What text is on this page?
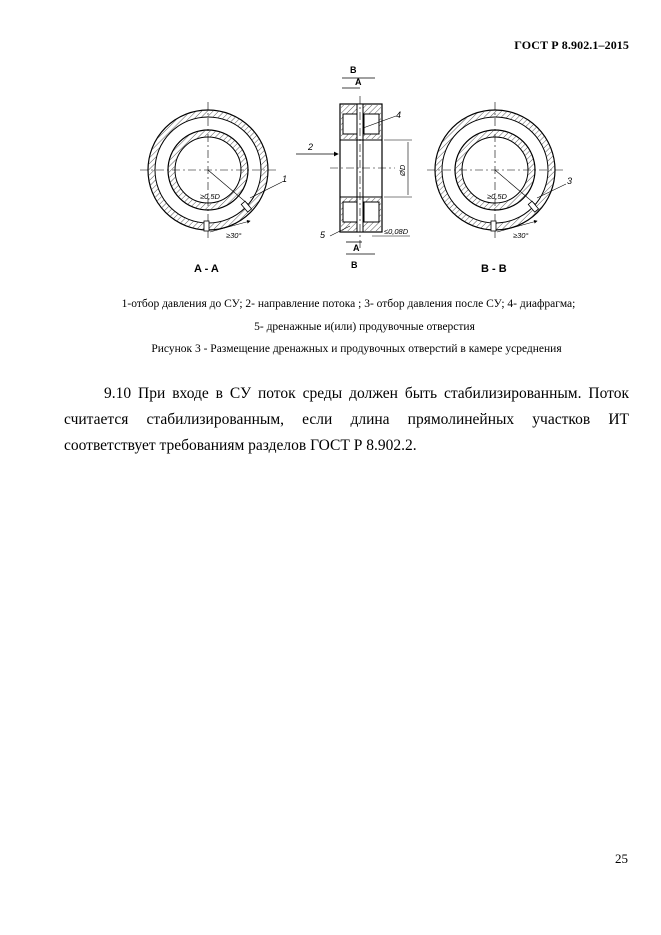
ГОСТ Р 8.902.1–2015
1
≥0,5D
≥30°
A - A
B
A
A
B
2
4
5
ØD
≤0,08D
3
≥0,5D
≥30°
B - B
1-отбор давления до СУ; 2- направление потока ; 3- отбор давления после СУ; 4- диафрагма;
5- дренажные и(или) продувочные отверстия
Рисунок 3 - Размещение дренажных и продувочных отверстий в камере усреднения

9.10 При входе в СУ поток среды должен быть стабилизированным. Поток считается стабилизированным, если длина прямолинейных участков ИТ соответствует требованиям разделов ГОСТ Р 8.902.2.

25
